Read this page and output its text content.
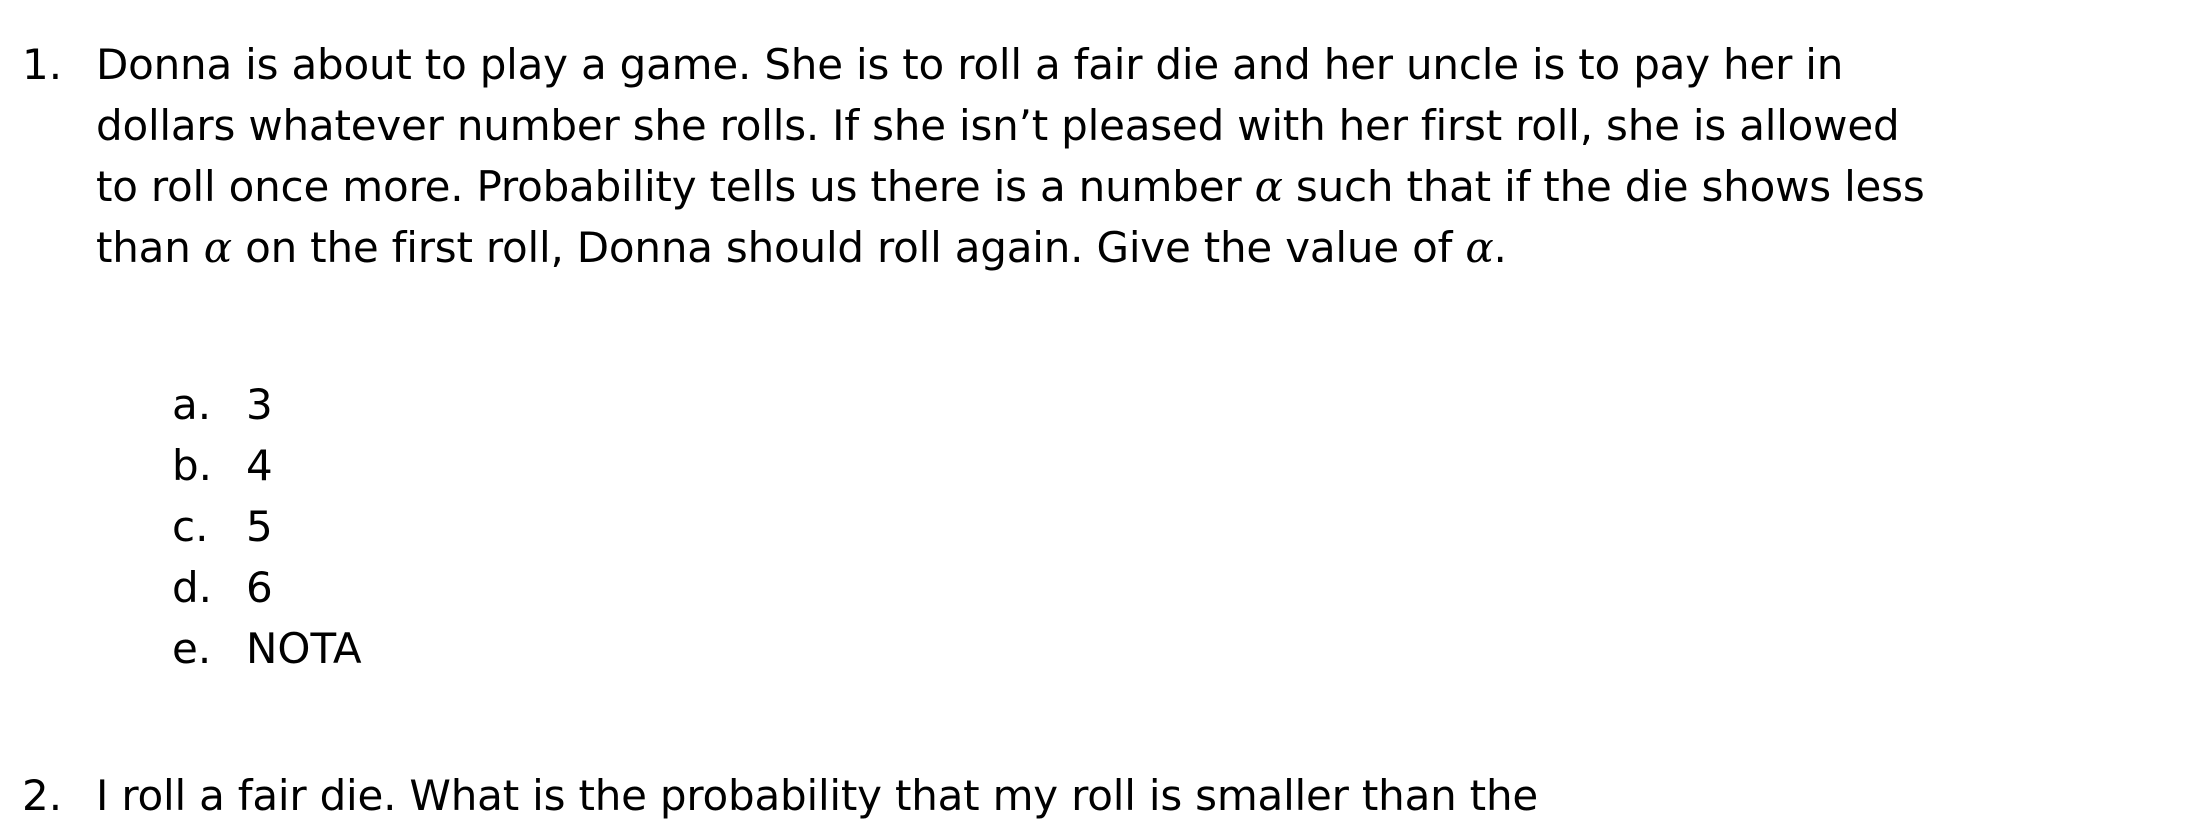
1. Donna is about to play a game. She is to roll a fair die and her uncle is to pay her in
dollars whatever number she rolls. If she isn’t pleased with her first roll, she is allowed
to roll once more. Probability tells us there is a number α such that if the die shows less
than α on the first roll, Donna should roll again. Give the value of α.
a. 3
b. 4
c. 5
d. 6
e. NOTA
2. I roll a fair die. What is the probability that my roll is smaller than the
